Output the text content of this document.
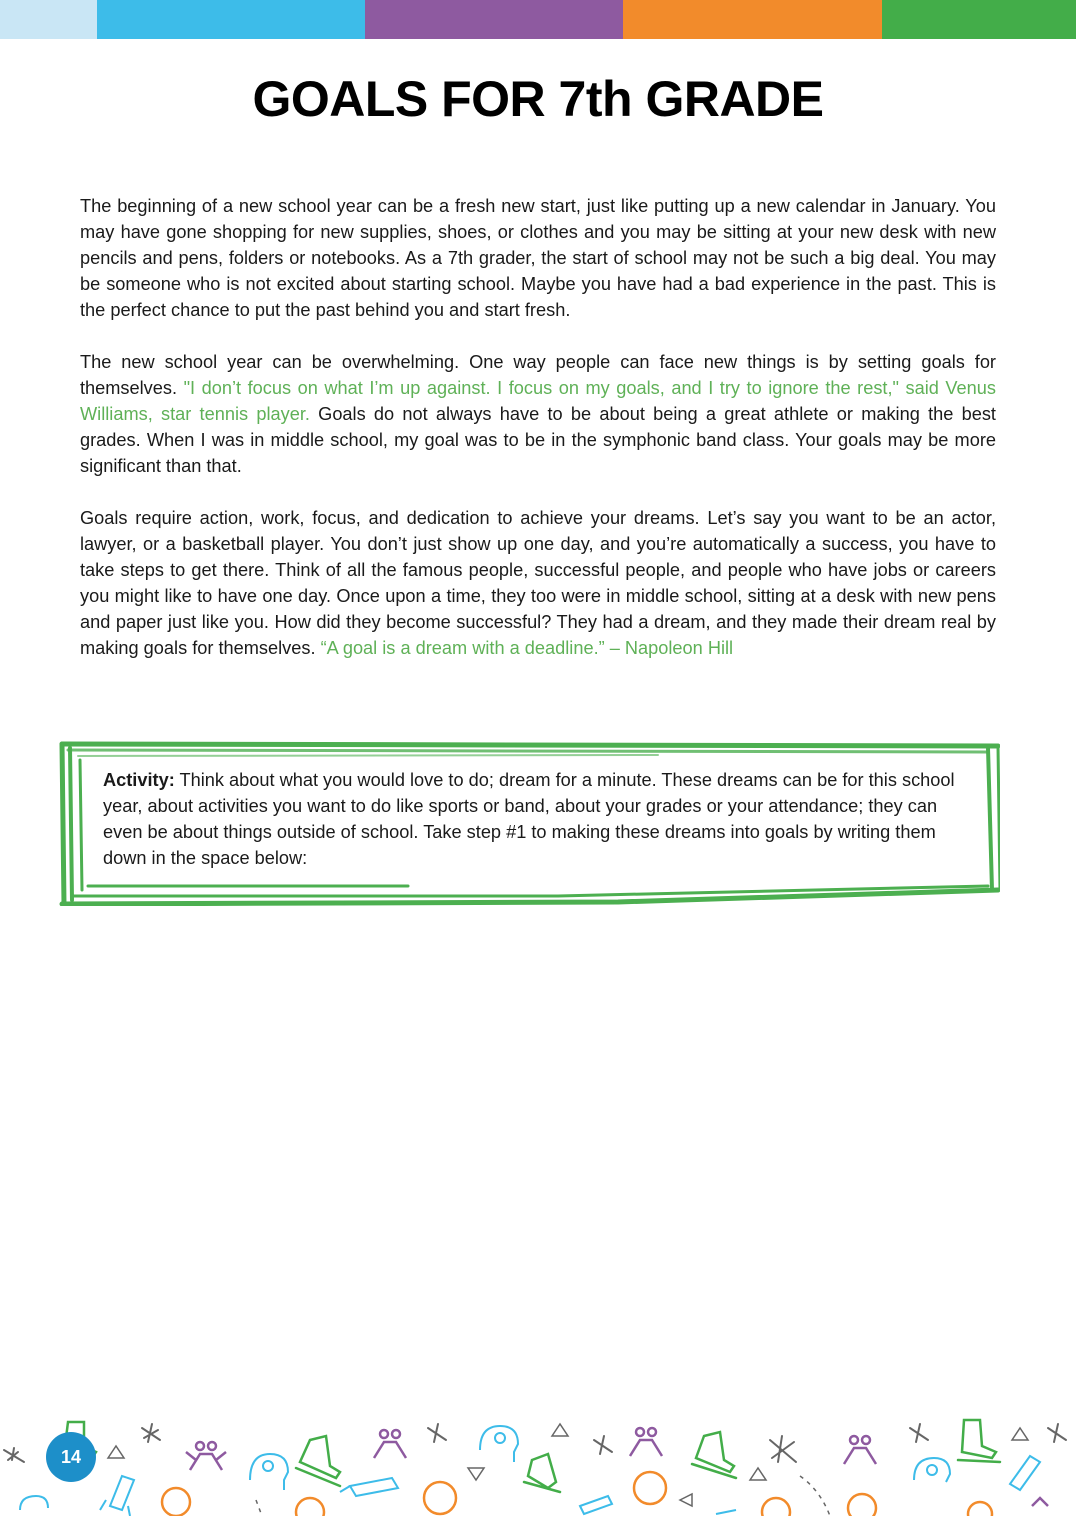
GOALS FOR 7th GRADE

The beginning of a new school year can be a fresh new start, just like putting up a new calendar in January. You may have gone shopping for new supplies, shoes, or clothes and you may be sitting at your new desk with new pencils and pens, folders or notebooks. As a 7th grader, the start of school may not be such a big deal. You may be someone who is not excited about starting school. Maybe you have had a bad experience in the past. This is the perfect chance to put the past behind you and start fresh.

The new school year can be overwhelming. One way people can face new things is by setting goals for themselves. "I don’t focus on what I’m up against. I focus on my goals, and I try to ignore the rest," said Venus Williams, star tennis player. Goals do not always have to be about being a great athlete or making the best grades. When I was in middle school, my goal was to be in the symphonic band class. Your goals may be more significant than that.

Goals require action, work, focus, and dedication to achieve your dreams. Let’s say you want to be an actor, lawyer, or a basketball player. You don’t just show up one day, and you’re automatically a success, you have to take steps to get there. Think of all the famous people, successful people, and people who have jobs or careers you might like to have one day. Once upon a time, they too were in middle school, sitting at a desk with new pens and paper just like you. How did they become successful? They had a dream, and they made their dream real by making goals for themselves. “A goal is a dream with a deadline.” – Napoleon Hill

Activity: Think about what you would love to do; dream for a minute. These dreams can be for this school year, about activities you want to do like sports or band, about your grades or your attendance; they can even be about things outside of school. Take step #1 to making these dreams into goals by writing them down in the space below:
14
